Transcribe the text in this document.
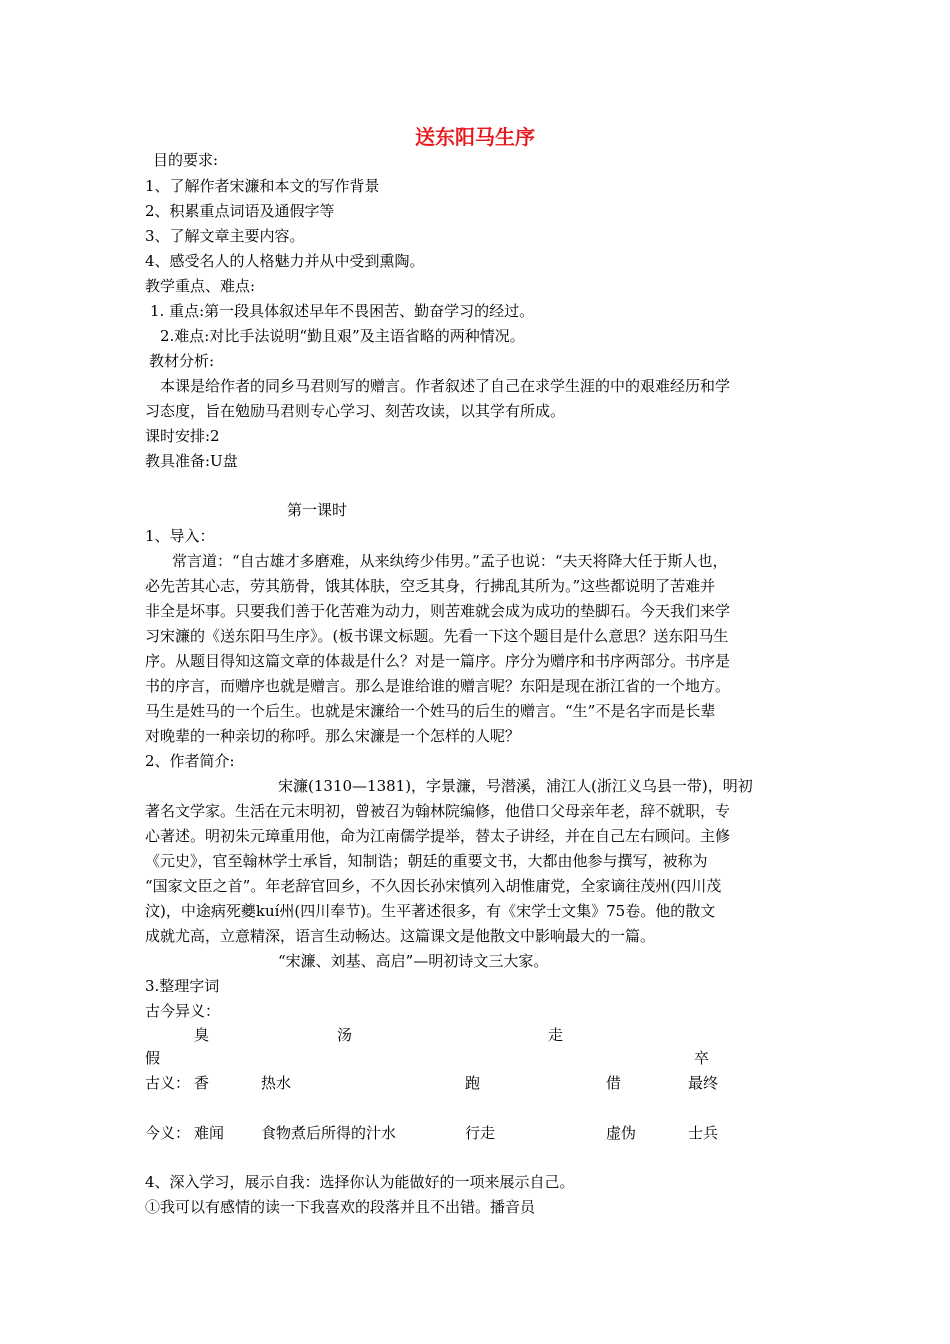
送东阳马生序
目的要求:
1、了解作者宋濂和本文的写作背景
2、积累重点词语及通假字等
3、了解文章主要内容。
4、感受名人的人格魅力并从中受到熏陶。
教学重点、难点:
1. 重点:第一段具体叙述早年不畏困苦、勤奋学习的经过。
2.难点:对比手法说明“勤且艰”及主语省略的两种情况。
教材分析:
本课是给作者的同乡马君则写的赠言。作者叙述了自己在求学生涯的中的艰难经历和学
习态度，旨在勉励马君则专心学习、刻苦攻读，以其学有所成。
课时安排:2
教具准备:U盘
第一课时
1、导入：
常言道：“自古雄才多磨难，从来纨绔少伟男。”孟子也说：“夫天将降大任于斯人也，
必先苦其心志，劳其筋骨，饿其体肤，空乏其身，行拂乱其所为。”这些都说明了苦难并
非全是坏事。只要我们善于化苦难为动力，则苦难就会成为成功的垫脚石。今天我们来学
习宋濂的《送东阳马生序》。(板书课文标题。先看一下这个题目是什么意思？送东阳马生
序。从题目得知这篇文章的体裁是什么？对是一篇序。序分为赠序和书序两部分。书序是
书的序言，而赠序也就是赠言。那么是谁给谁的赠言呢？东阳是现在浙江省的一个地方。
马生是姓马的一个后生。也就是宋濂给一个姓马的后生的赠言。“生”不是名字而是长辈
对晚辈的一种亲切的称呼。那么宋濂是一个怎样的人呢？
2、作者简介:
宋濂(1310—1381)，字景濂，号潜溪，浦江人(浙江义乌县一带)，明初
著名文学家。生活在元末明初，曾被召为翰林院编修，他借口父母亲年老，辞不就职，专
心著述。明初朱元璋重用他，命为江南儒学提举，替太子讲经，并在自己左右顾问。主修
《元史》，官至翰林学士承旨，知制诰；朝廷的重要文书，大都由他参与撰写，被称为
“国家文臣之首”。年老辞官回乡，不久因长孙宋慎列入胡惟庸党，全家谪往茂州(四川茂
汶)，中途病死夔kuí州(四川奉节)。生平著述很多，有《宋学士文集》75卷。他的散文
成就尤高，立意精深，语言生动畅达。这篇课文是他散文中影响最大的一篇。
“宋濂、刘基、高启”—明初诗文三大家。
3.整理字词
古今异义：
臭	汤	走
假	卒
古义： 香	热水	跑	借	最终
今义： 难闻 食物煮后所得的汁水	行走	虚伪	士兵
4、深入学习，展示自我：选择你认为能做好的一项来展示自己。
①我可以有感情的读一下我喜欢的段落并且不出错。播音员
